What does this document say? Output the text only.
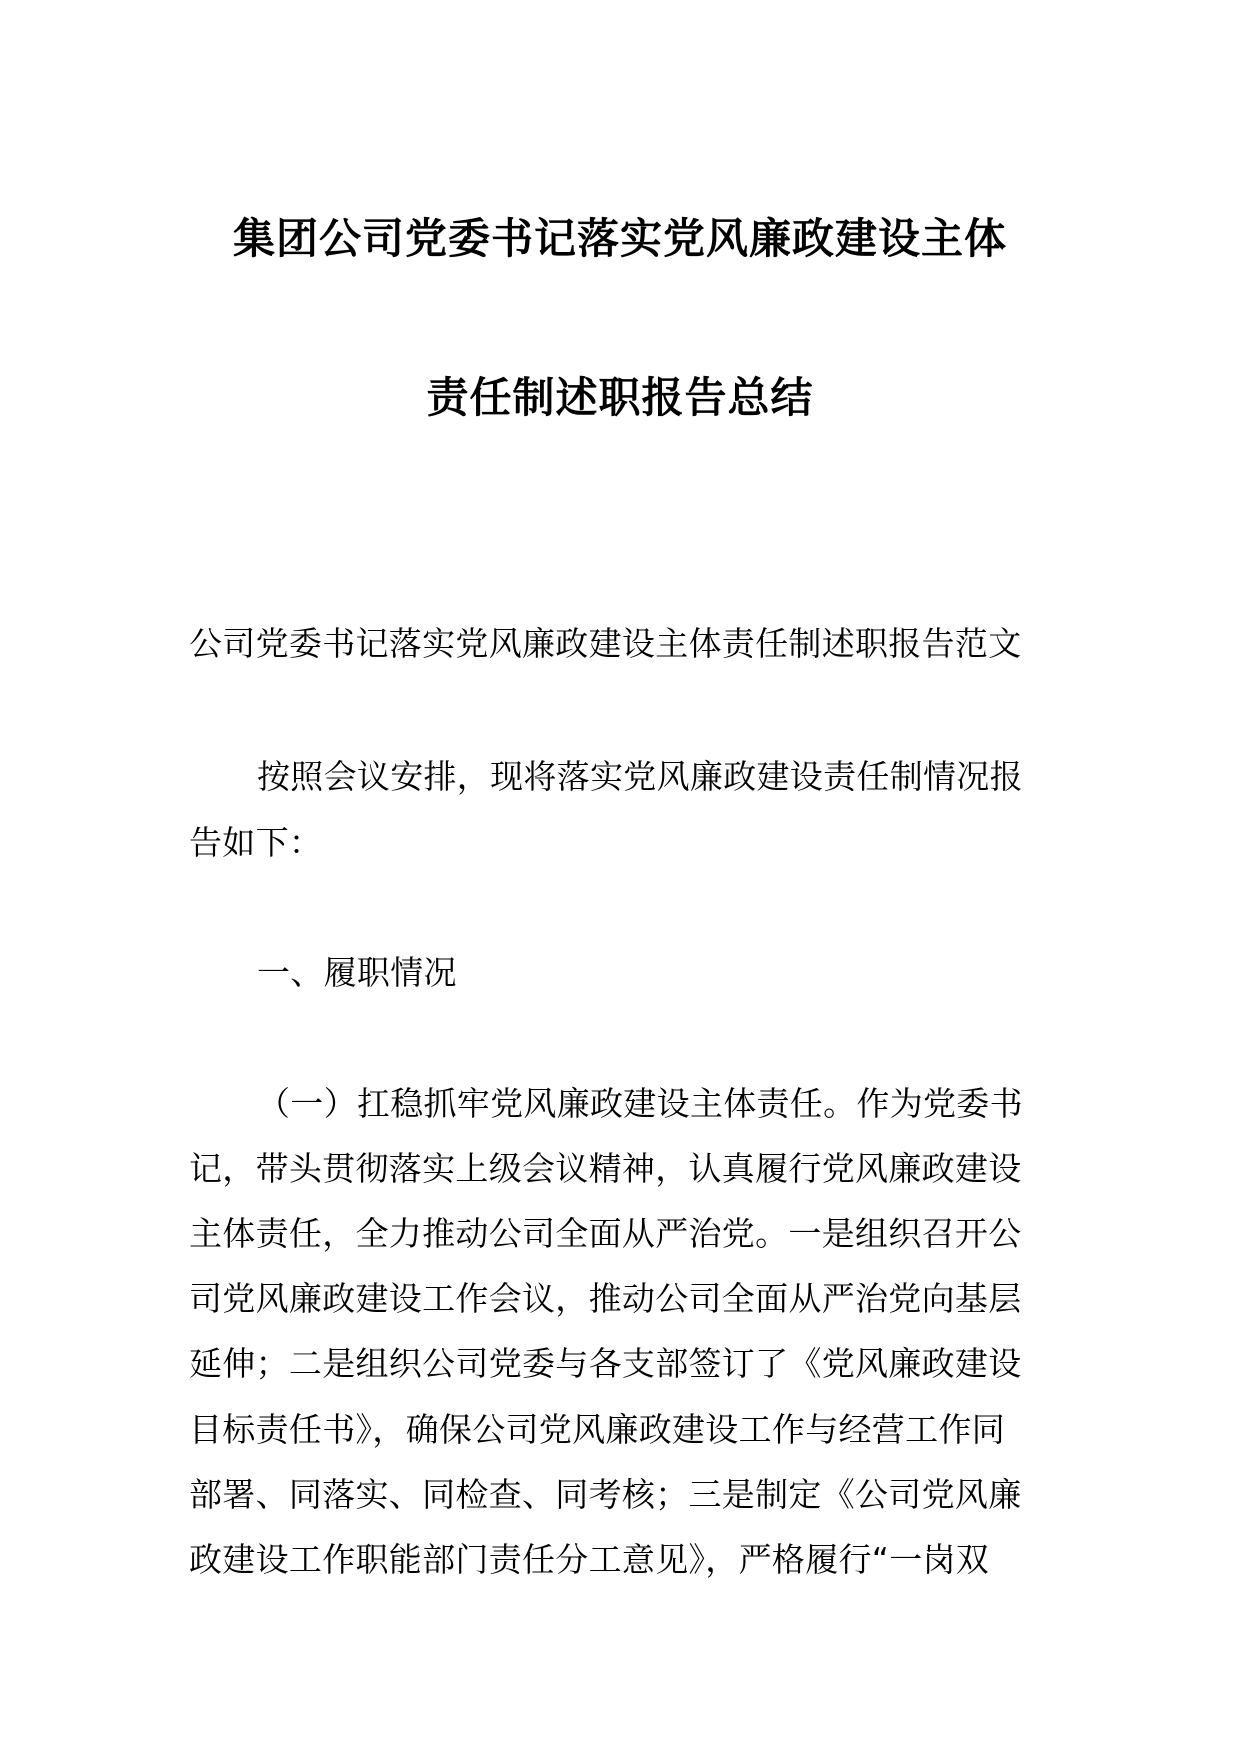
集团公司党委书记落实党风廉政建设主体
责任制述职报告总结
公司党委书记落实党风廉政建设主体责任制述职报告范文
按照会议安排，现将落实党风廉政建设责任制情况报
告如下：
一、履职情况
（一）扛稳抓牢党风廉政建设主体责任。作为党委书
记，带头贯彻落实上级会议精神，认真履行党风廉政建设
主体责任，全力推动公司全面从严治党。一是组织召开公
司党风廉政建设工作会议，推动公司全面从严治党向基层
延伸；二是组织公司党委与各支部签订了《党风廉政建设
目标责任书》，确保公司党风廉政建设工作与经营工作同
部署、同落实、同检查、同考核；三是制定《公司党风廉
政建设工作职能部门责任分工意见》，严格履行“一岗双
